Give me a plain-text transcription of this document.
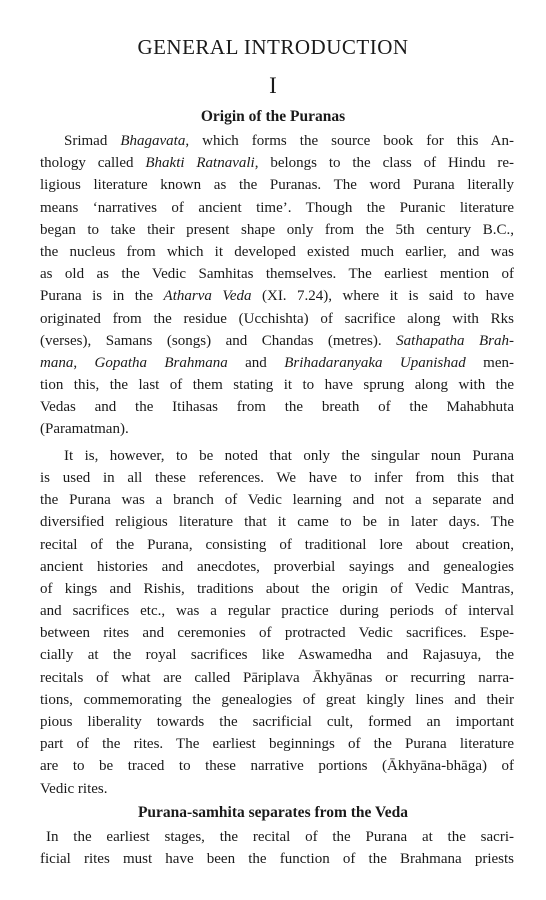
GENERAL INTRODUCTION
I
Origin of the Puranas
Srimad Bhagavata, which forms the source book for this An-
thology called Bhakti Ratnavali, belongs to the class of Hindu re-
ligious literature known as the Puranas. The word Purana literally
means ‘narratives of ancient time’. Though the Puranic literature
began to take their present shape only from the 5th century B.C.,
the nucleus from which it developed existed much earlier, and was
as old as the Vedic Samhitas themselves. The earliest mention of
Purana is in the Atharva Veda (XI. 7.24), where it is said to have
originated from the residue (Ucchishta) of sacrifice along with Rks
(verses), Samans (songs) and Chandas (metres). Sathapatha Brah-
mana, Gopatha Brahmana and Brihadaranyaka Upanishad men-
tion this, the last of them stating it to have sprung along with the
Vedas and the Itihasas from the breath of the Mahabhuta
(Paramatman).
It is, however, to be noted that only the singular noun Purana
is used in all these references. We have to infer from this that
the Purana was a branch of Vedic learning and not a separate and
diversified religious literature that it came to be in later days. The
recital of the Purana, consisting of traditional lore about creation,
ancient histories and anecdotes, proverbial sayings and genealogies
of kings and Rishis, traditions about the origin of Vedic Mantras,
and sacrifices etc., was a regular practice during periods of interval
between rites and ceremonies of protracted Vedic sacrifices. Espe-
cially at the royal sacrifices like Aswamedha and Rajasuya, the
recitals of what are called Pāriplava Ākhyānas or recurring narra-
tions, commemorating the genealogies of great kingly lines and their
pious liberality towards the sacrificial cult, formed an important
part of the rites. The earliest beginnings of the Purana literature
are to be traced to these narrative portions (Ākhyāna-bhāga) of
Vedic rites.
Purana-samhita separates from the Veda
In the earliest stages, the recital of the Purana at the sacri-
ficial rites must have been the function of the Brahmana priests
